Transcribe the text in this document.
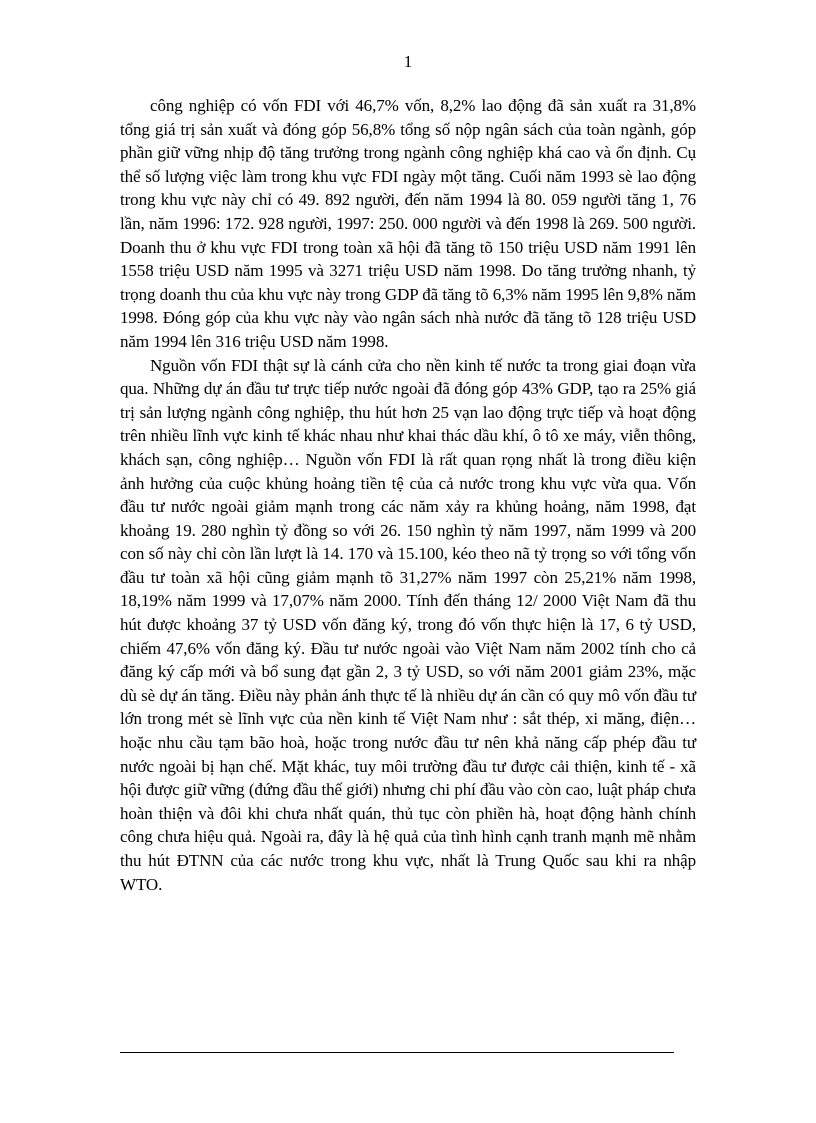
1

công nghiệp có vốn FDI với 46,7% vốn, 8,2% lao động đã sản xuất ra 31,8% tổng giá trị sản xuất và đóng góp 56,8% tổng số nộp ngân sách của toàn ngành, góp phần giữ vững nhịp độ tăng trưởng trong ngành công nghiệp khá cao và ổn định. Cụ thể số lượng việc làm trong khu vực FDI ngày một tăng. Cuối năm 1993 sè lao động trong khu vực này chỉ có 49. 892 người, đến năm 1994 là 80. 059 người tăng 1, 76 lần, năm 1996: 172. 928 người, 1997: 250. 000 người và đến 1998 là 269. 500 người. Doanh thu ở khu vực FDI trong toàn xã hội đã tăng tõ 150 triệu USD năm 1991 lên 1558 triệu USD năm 1995 và 3271 triệu USD năm 1998. Do tăng trưởng nhanh, tỷ trọng doanh thu của khu vực này trong GDP đã tăng tõ 6,3% năm 1995 lên 9,8% năm 1998. Đóng góp của khu vực này vào ngân sách nhà nước đã tăng tõ 128 triệu USD năm 1994 lên 316 triệu USD năm 1998.

Nguồn vốn FDI thật sự là cánh cửa cho nền kinh tế nước ta trong giai đoạn vừa qua. Những dự án đầu tư trực tiếp nước ngoài đã đóng góp 43% GDP, tạo ra 25% giá trị sản lượng ngành công nghiệp, thu hút hơn 25 vạn lao động trực tiếp và hoạt động trên nhiều lĩnh vực kinh tế khác nhau như khai thác dầu khí, ô tô xe máy, viễn thông, khách sạn, công nghiệp… Nguồn vốn FDI là rất quan rọng nhất là trong điều kiện ảnh hưởng của cuộc khủng hoảng tiền tệ của cả nước trong khu vực vừa qua. Vốn đầu tư nước ngoài giảm mạnh trong các năm xảy ra khủng hoảng, năm 1998, đạt khoảng 19. 280 nghìn tỷ đồng so với 26. 150 nghìn tỷ năm 1997, năm 1999 và 200 con số này chỉ còn lần lượt là 14. 170 và 15.100, kéo theo nã tỷ trọng so với tổng vốn đầu tư toàn xã hội cũng giảm mạnh tõ 31,27% năm 1997 còn 25,21% năm 1998, 18,19% năm 1999 và 17,07% năm 2000. Tính đến tháng 12/ 2000 Việt Nam đã thu hút được khoảng 37 tỷ USD vốn đăng ký, trong đó vốn thực hiện là 17, 6 tỷ USD, chiếm 47,6% vốn đăng ký. Đầu tư nước ngoài vào Việt Nam năm 2002 tính cho cả đăng ký cấp mới và bổ sung đạt gần 2, 3 tỷ USD, so với năm 2001 giảm 23%, mặc dù sè dự án tăng. Điều này phản ánh thực tế là nhiều dự án cần có quy mô vốn đầu tư lớn trong mét sè lĩnh vực của nền kinh tế Việt Nam như : sắt thép, xi măng, điện… hoặc nhu cầu tạm bão hoà, hoặc trong nước đầu tư nên khả năng cấp phép đầu tư nước ngoài bị hạn chế. Mặt khác, tuy môi trường đầu tư được cải thiện, kinh tế - xã hội được giữ vững (đứng đầu thế giới) nhưng chi phí đầu vào còn cao, luật pháp chưa hoàn thiện và đôi khi chưa nhất quán, thủ tục còn phiền hà, hoạt động hành chính công chưa hiệu quả. Ngoài ra, đây là hệ quả của tình hình cạnh tranh mạnh mẽ nhằm thu hút ĐTNN của các nước trong khu vực, nhất là Trung Quốc sau khi ra nhập WTO.
